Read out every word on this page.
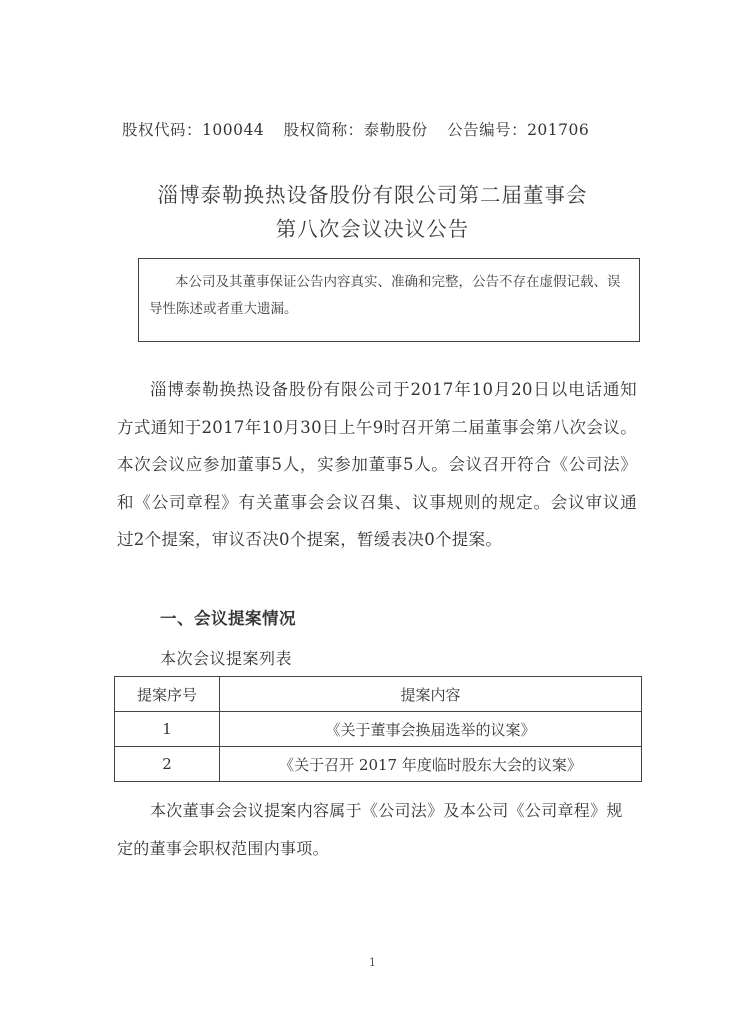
股权代码：100044 股权简称：泰勒股份 公告编号：201706
淄博泰勒换热设备股份有限公司第二届董事会
第八次会议决议公告
本公司及其董事保证公告内容真实、准确和完整，公告不存在虚假记载、误导性陈述或者重大遗漏。
淄博泰勒换热设备股份有限公司于2017年10月20日以电话通知方式通知于2017年10月30日上午9时召开第二届董事会第八次会议。本次会议应参加董事5人，实参加董事5人。会议召开符合《公司法》和《公司章程》有关董事会会议召集、议事规则的规定。会议审议通过2个提案，审议否决0个提案，暂缓表决0个提案。
一、会议提案情况
本次会议提案列表
提案序号	提案内容
1	《关于董事会换届选举的议案》
2	《关于召开 2017 年度临时股东大会的议案》
本次董事会会议提案内容属于《公司法》及本公司《公司章程》规定的董事会职权范围内事项。
1
